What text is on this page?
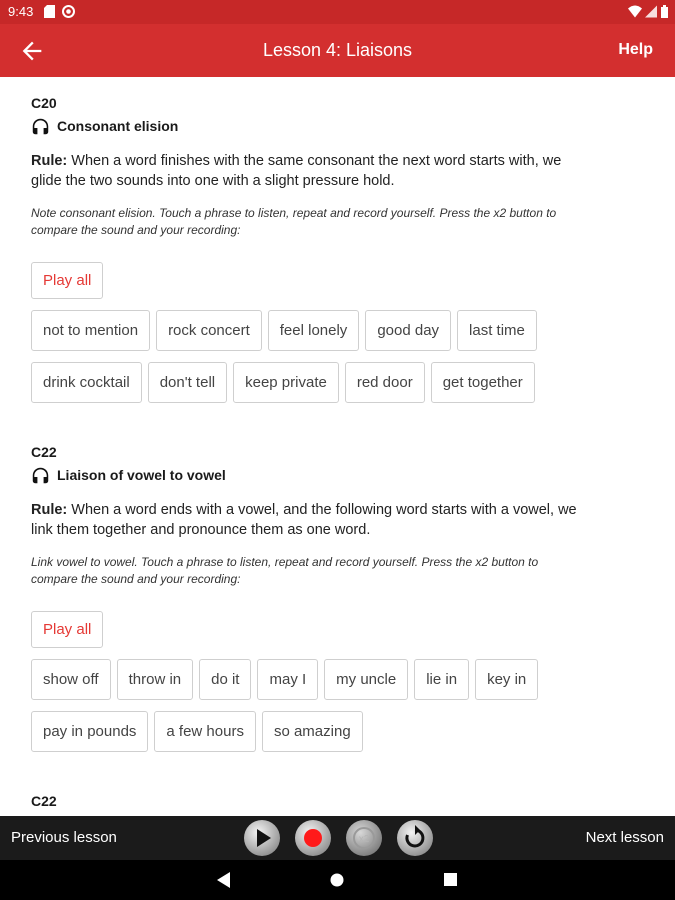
9:43
Lesson 4: Liaisons	Help
C20
Consonant elision
Rule: When a word finishes with the same consonant the next word starts with, we
glide the two sounds into one with a slight pressure hold.
Note consonant elision. Touch a phrase to listen, repeat and record yourself. Press the x2 button to
compare the sound and your recording:
Play all
not to mention	rock concert	feel lonely	good day	last time
drink cocktail	don't tell	keep private	red door	get together
C22
Liaison of vowel to vowel
Rule: When a word ends with a vowel, and the following word starts with a vowel, we
link them together and pronounce them as one word.
Link vowel to vowel. Touch a phrase to listen, repeat and record yourself. Press the x2 button to
compare the sound and your recording:
Play all
show off	throw in	do it	may I	my uncle	lie in	key in
pay in pounds	a few hours	so amazing
C22
Previous lesson	x2	Next lesson
